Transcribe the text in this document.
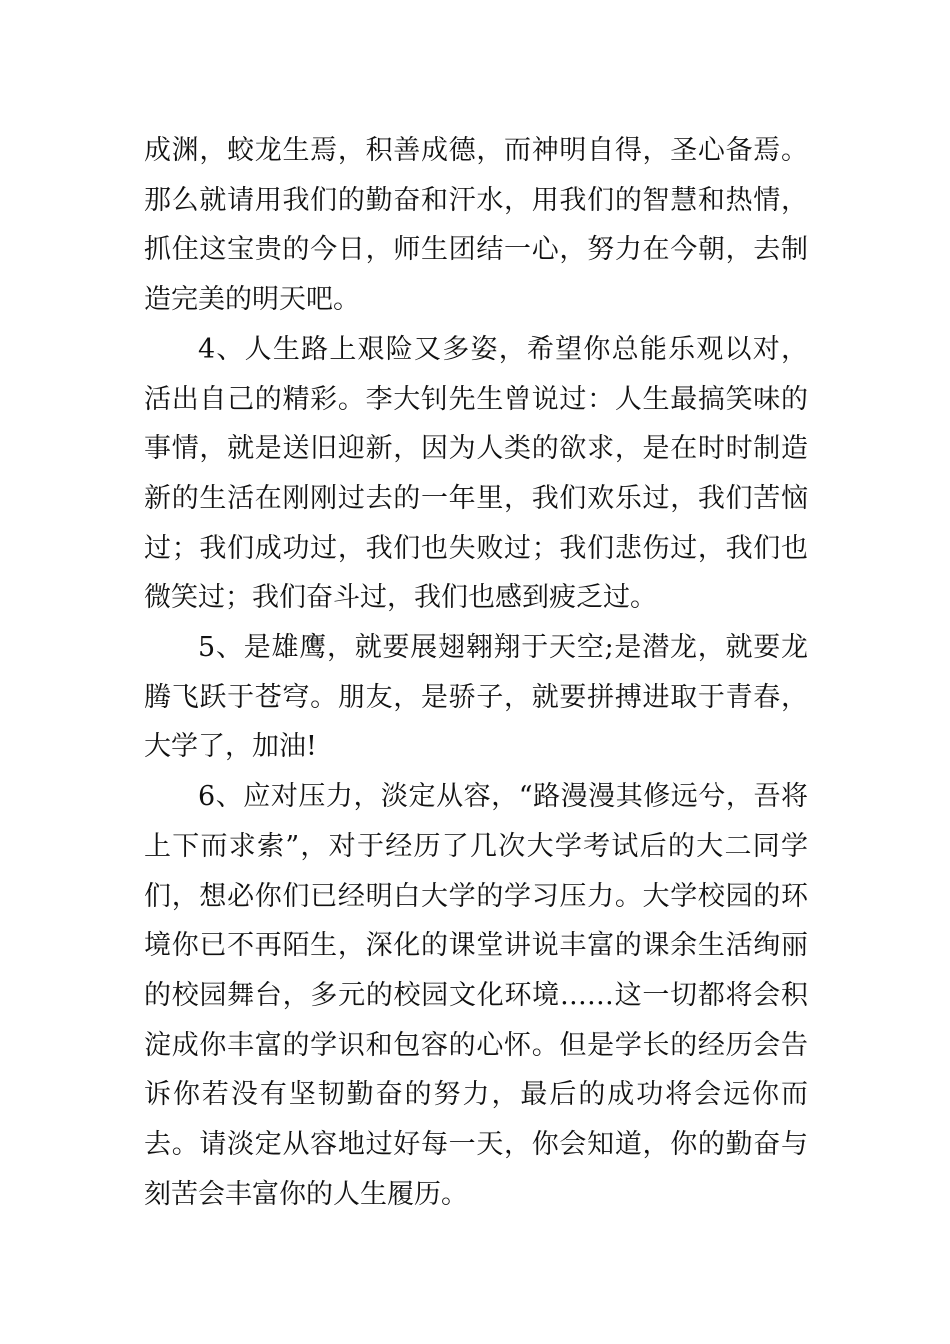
成渊，蛟龙生焉，积善成德，而神明自得，圣心备焉。那么就请用我们的勤奋和汗水，用我们的智慧和热情，抓住这宝贵的今日，师生团结一心，努力在今朝，去制造完美的明天吧。

4、人生路上艰险又多姿，希望你总能乐观以对，活出自己的精彩。李大钊先生曾说过：人生最搞笑味的事情，就是送旧迎新，因为人类的欲求，是在时时制造新的生活在刚刚过去的一年里，我们欢乐过，我们苦恼过；我们成功过，我们也失败过；我们悲伤过，我们也微笑过；我们奋斗过，我们也感到疲乏过。

5、是雄鹰，就要展翅翱翔于天空;是潜龙，就要龙腾飞跃于苍穹。朋友，是骄子，就要拼搏进取于青春，大学了，加油!

6、应对压力，淡定从容，“路漫漫其修远兮，吾将上下而求索”，对于经历了几次大学考试后的大二同学们，想必你们已经明白大学的学习压力。大学校园的环境你已不再陌生，深化的课堂讲说丰富的课余生活绚丽的校园舞台，多元的校园文化环境……这一切都将会积淀成你丰富的学识和包容的心怀。但是学长的经历会告诉你若没有坚韧勤奋的努力，最后的成功将会远你而去。请淡定从容地过好每一天，你会知道，你的勤奋与刻苦会丰富你的人生履历。
